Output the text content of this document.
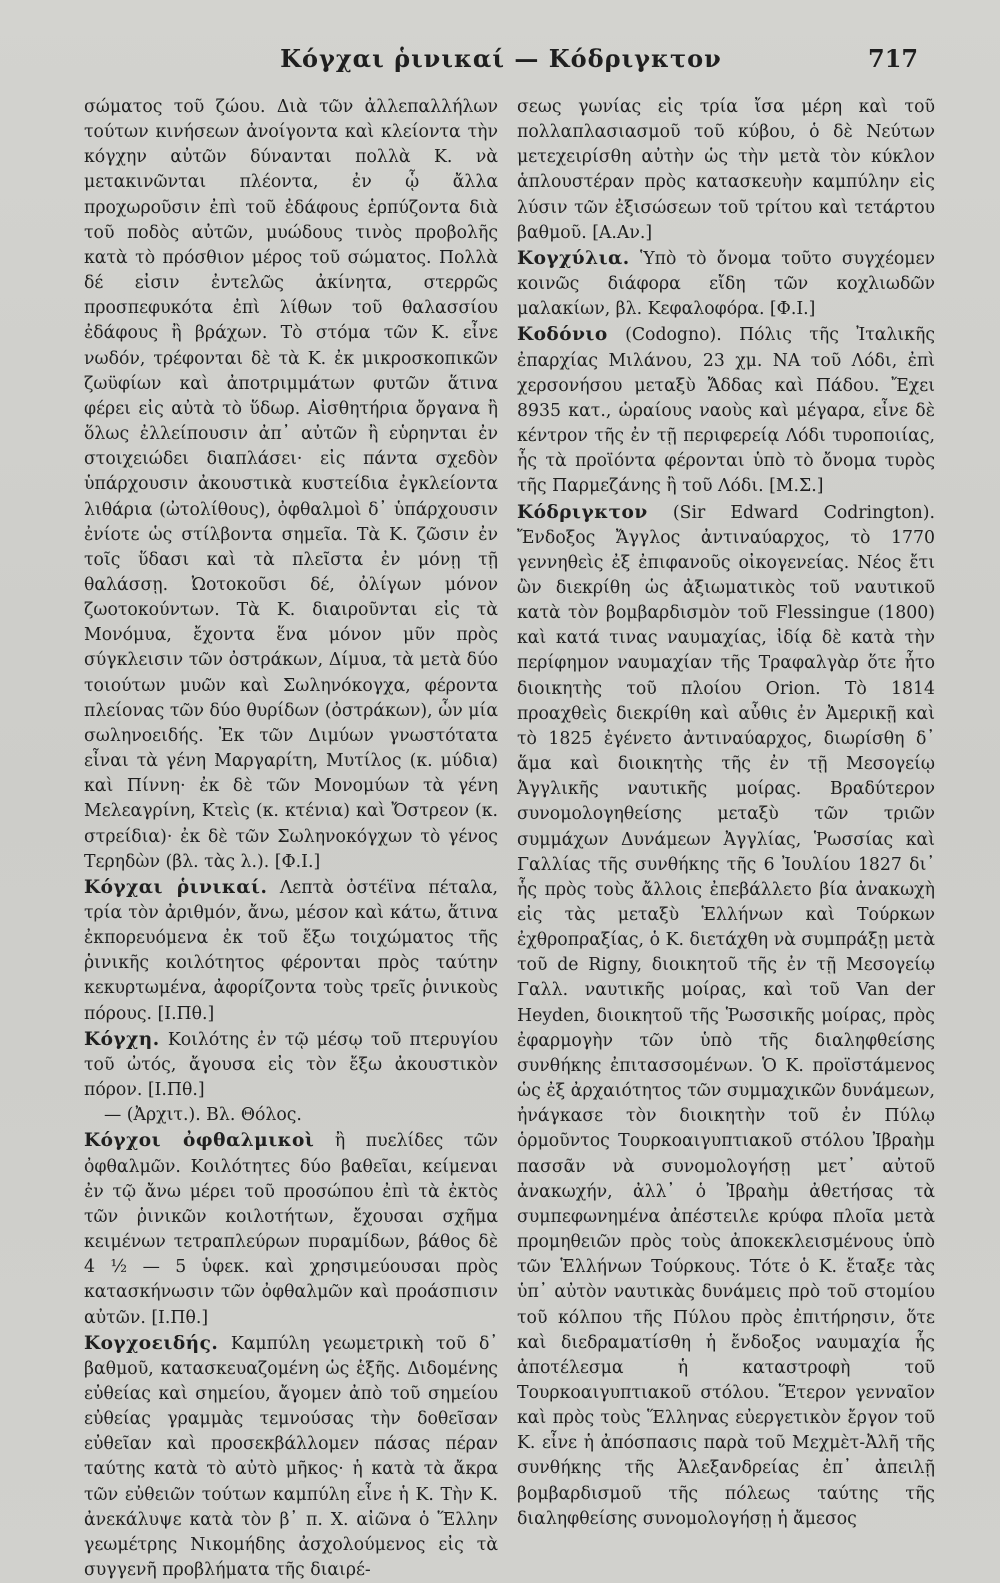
Κόγχαι ῥινικαί — Κόδριγκτον	717

σώματος τοῦ ζώου. Διὰ τῶν ἀλλεπαλλήλων τούτων κινήσεων ἀνοίγοντα καὶ κλείοντα τὴν κόγχην αὐτῶν δύνανται πολλὰ Κ. νὰ μετακινῶνται πλέοντα, ἐν ᾧ ἄλλα προχωροῦσιν ἐπὶ τοῦ ἐδάφους ἑρπύζοντα διὰ τοῦ ποδὸς αὐτῶν, μυώδους τινὸς προβολῆς κατὰ τὸ πρόσθιον μέρος τοῦ σώματος. Πολλὰ δέ εἰσιν ἐντελῶς ἀκίνητα, στερρῶς προσπεφυκότα ἐπὶ λίθων τοῦ θαλασσίου ἐδάφους ἢ βράχων. Τὸ στόμα τῶν Κ. εἶνε νωδόν, τρέφονται δὲ τὰ Κ. ἐκ μικροσκοπικῶν ζωϋφίων καὶ ἀποτριμμάτων φυτῶν ἅτινα φέρει εἰς αὐτὰ τὸ ὕδωρ. Αἰσθητήρια ὄργανα ἢ ὅλως ἐλλείπουσιν ἀπ᾽ αὐτῶν ἢ εὑρηνται ἐν στοιχειώδει διαπλάσει· εἰς πάντα σχεδὸν ὑπάρχουσιν ἀκουστικὰ κυστείδια ἐγκλείοντα λιθάρια (ὠτολίθους), ὀφθαλμοὶ δ᾽ ὑπάρχουσιν ἐνίοτε ὡς στίλβοντα σημεῖα. Τὰ Κ. ζῶσιν ἐν τοῖς ὕδασι καὶ τὰ πλεῖστα ἐν μόνῃ τῇ θαλάσσῃ. Ὠοτοκοῦσι δέ, ὀλίγων μόνον ζωοτοκούντων. Τὰ Κ. διαιροῦνται εἰς τὰ Μονόμυα, ἔχοντα ἕνα μόνον μῦν πρὸς σύγκλεισιν τῶν ὀστράκων, Δίμυα, τὰ μετὰ δύο τοιούτων μυῶν καὶ Σωληνόκογχα, φέροντα πλείονας τῶν δύο θυρίδων (ὀστράκων), ὧν μία σωληνοειδής. Ἐκ τῶν Διμύων γνωστότατα εἶναι τὰ γένη Μαργαρίτη, Μυτίλος (κ. μύδια) καὶ Πίννη· ἐκ δὲ τῶν Μονομύων τὰ γένη Μελεαγρίνη, Κτεὶς (κ. κτένια) καὶ Ὄστρεον (κ. στρείδια)· ἐκ δὲ τῶν Σωληνοκόγχων τὸ γένος Τερηδὼν (βλ. τὰς λ.). [Φ.Ι.]

Κόγχαι ῥινικαί. Λεπτὰ ὀστέϊνα πέταλα, τρία τὸν ἀριθμόν, ἄνω, μέσον καὶ κάτω, ἅτινα ἐκπορευόμενα ἐκ τοῦ ἔξω τοιχώματος τῆς ῥινικῆς κοιλότητος φέρονται πρὸς ταύτην κεκυρτωμένα, ἀφορίζοντα τοὺς τρεῖς ῥινικοὺς πόρους. [Ι.Πθ.]

Κόγχη. Κοιλότης ἐν τῷ μέσῳ τοῦ πτερυγίου τοῦ ὠτός, ἄγουσα εἰς τὸν ἔξω ἀκουστικὸν πόρον. [Ι.Πθ.]

— (Ἀρχιτ.). Βλ. Θόλος.

Κόγχοι ὀφθαλμικοὶ ἢ πυελίδες τῶν ὀφθαλμῶν. Κοιλότητες δύο βαθεῖαι, κείμεναι ἐν τῷ ἄνω μέρει τοῦ προσώπου ἐπὶ τὰ ἐκτὸς τῶν ῥινικῶν κοιλοτήτων, ἔχουσαι σχῆμα κειμένων τετραπλεύρων πυραμίδων, βάθος δὲ 4 ½ — 5 ὑφεκ. καὶ χρησιμεύουσαι πρὸς κατασκήνωσιν τῶν ὀφθαλμῶν καὶ προάσπισιν αὐτῶν. [Ι.Πθ.]

Κογχοειδής. Καμπύλη γεωμετρικὴ τοῦ δ᾽ βαθμοῦ, κατασκευαζομένη ὡς ἑξῆς. Διδομένης εὐθείας καὶ σημείου, ἄγομεν ἀπὸ τοῦ σημείου εὐθείας γραμμὰς τεμνούσας τὴν δοθεῖσαν εὐθεῖαν καὶ προσεκβάλλομεν πάσας πέραν ταύτης κατὰ τὸ αὐτὸ μῆκος· ἡ κατὰ τὰ ἄκρα τῶν εὐθειῶν τούτων καμπύλη εἶνε ἡ Κ. Τὴν Κ. ἀνεκάλυψε κατὰ τὸν β᾽ π. Χ. αἰῶνα ὁ Ἕλλην γεωμέτρης Νικομήδης ἀσχολούμενος εἰς τὰ συγγενῆ προβλήματα τῆς διαιρέ-

σεως γωνίας εἰς τρία ἴσα μέρη καὶ τοῦ πολλαπλασιασμοῦ τοῦ κύβου, ὁ δὲ Νεύτων μετεχειρίσθη αὐτὴν ὡς τὴν μετὰ τὸν κύκλον ἁπλουστέραν πρὸς κατασκευὴν καμπύλην εἰς λύσιν τῶν ἐξισώσεων τοῦ τρίτου καὶ τετάρτου βαθμοῦ. [Α.Αν.]

Κογχύλια. Ὑπὸ τὸ ὄνομα τοῦτο συγχέομεν κοινῶς διάφορα εἴδη τῶν κοχλιωδῶν μαλακίων, βλ. Κεφαλοφόρα. [Φ.Ι.]

Κοδόνιο (Codogno). Πόλις τῆς Ἰταλικῆς ἐπαρχίας Μιλάνου, 23 χμ. ΝΑ τοῦ Λόδι, ἐπὶ χερσονήσου μεταξὺ Ἄδδας καὶ Πάδου. Ἔχει 8935 κατ., ὡραίους ναοὺς καὶ μέγαρα, εἶνε δὲ κέντρον τῆς ἐν τῇ περιφερείᾳ Λόδι τυροποιίας, ἧς τὰ προϊόντα φέρονται ὑπὸ τὸ ὄνομα τυρὸς τῆς Παρμεζάνης ἢ τοῦ Λόδι. [Μ.Σ.]

Κόδριγκτον (Sir Edward Codrington). Ἔνδοξος Ἄγγλος ἀντιναύαρχος, τὸ 1770 γεννηθεὶς ἐξ ἐπιφανοῦς οἰκογενείας. Νέος ἔτι ὢν διεκρίθη ὡς ἀξιωματικὸς τοῦ ναυτικοῦ κατὰ τὸν βομβαρδισμὸν τοῦ Flessingue (1800) καὶ κατά τινας ναυμαχίας, ἰδίᾳ δὲ κατὰ τὴν περίφημον ναυμαχίαν τῆς Τραφαλγὰρ ὅτε ἦτο διοικητὴς τοῦ πλοίου Orion. Τὸ 1814 προαχθεὶς διεκρίθη καὶ αὖθις ἐν Ἀμερικῇ καὶ τὸ 1825 ἐγένετο ἀντιναύαρχος, διωρίσθη δ᾽ ἅμα καὶ διοικητὴς τῆς ἐν τῇ Μεσογείῳ Ἀγγλικῆς ναυτικῆς μοίρας. Βραδύτερον συνομολογηθείσης μεταξὺ τῶν τριῶν συμμάχων Δυνάμεων Ἀγγλίας, Ῥωσσίας καὶ Γαλλίας τῆς συνθήκης τῆς 6 Ἰουλίου 1827 δι᾽ ἧς πρὸς τοὺς ἄλλοις ἐπεβάλλετο βία ἀνακωχὴ εἰς τὰς μεταξὺ Ἑλλήνων καὶ Τούρκων ἐχθροπραξίας, ὁ Κ. διετάχθη νὰ συμπράξῃ μετὰ τοῦ de Rigny, διοικητοῦ τῆς ἐν τῇ Μεσογείῳ Γαλλ. ναυτικῆς μοίρας, καὶ τοῦ Van der Heyden, διοικητοῦ τῆς Ῥωσσικῆς μοίρας, πρὸς ἐφαρμογὴν τῶν ὑπὸ τῆς διαληφθείσης συνθήκης ἐπιτασσομένων. Ὁ Κ. προϊστάμενος ὡς ἐξ ἀρχαιότητος τῶν συμμαχικῶν δυνάμεων, ἠνάγκασε τὸν διοικητὴν τοῦ ἐν Πύλῳ ὁρμοῦντος Τουρκοαιγυπτιακοῦ στόλου Ἰβραὴμ πασσᾶν νὰ συνομολογήσῃ μετ᾽ αὐτοῦ ἀνακωχήν, ἀλλ᾽ ὁ Ἰβραὴμ ἀθετήσας τὰ συμπεφωνημένα ἀπέστειλε κρύφα πλοῖα μετὰ προμηθειῶν πρὸς τοὺς ἀποκεκλεισμένους ὑπὸ τῶν Ἑλλήνων Τούρκους. Τότε ὁ Κ. ἔταξε τὰς ὑπ᾽ αὐτὸν ναυτικὰς δυνάμεις πρὸ τοῦ στομίου τοῦ κόλπου τῆς Πύλου πρὸς ἐπιτήρησιν, ὅτε καὶ διεδραματίσθη ἡ ἔνδοξος ναυμαχία ἧς ἀποτέλεσμα ἡ καταστροφὴ τοῦ Τουρκοαιγυπτιακοῦ στόλου. Ἕτερον γενναῖον καὶ πρὸς τοὺς Ἕλληνας εὐεργετικὸν ἔργον τοῦ Κ. εἶνε ἡ ἀπόσπασις παρὰ τοῦ Μεχμὲτ-Ἀλῆ τῆς συνθήκης τῆς Ἀλεξανδρείας ἐπ᾽ ἀπειλῇ βομβαρδισμοῦ τῆς πόλεως ταύτης τῆς διαληφθείσης συνομολογήσῃ ἡ ἄμεσος
